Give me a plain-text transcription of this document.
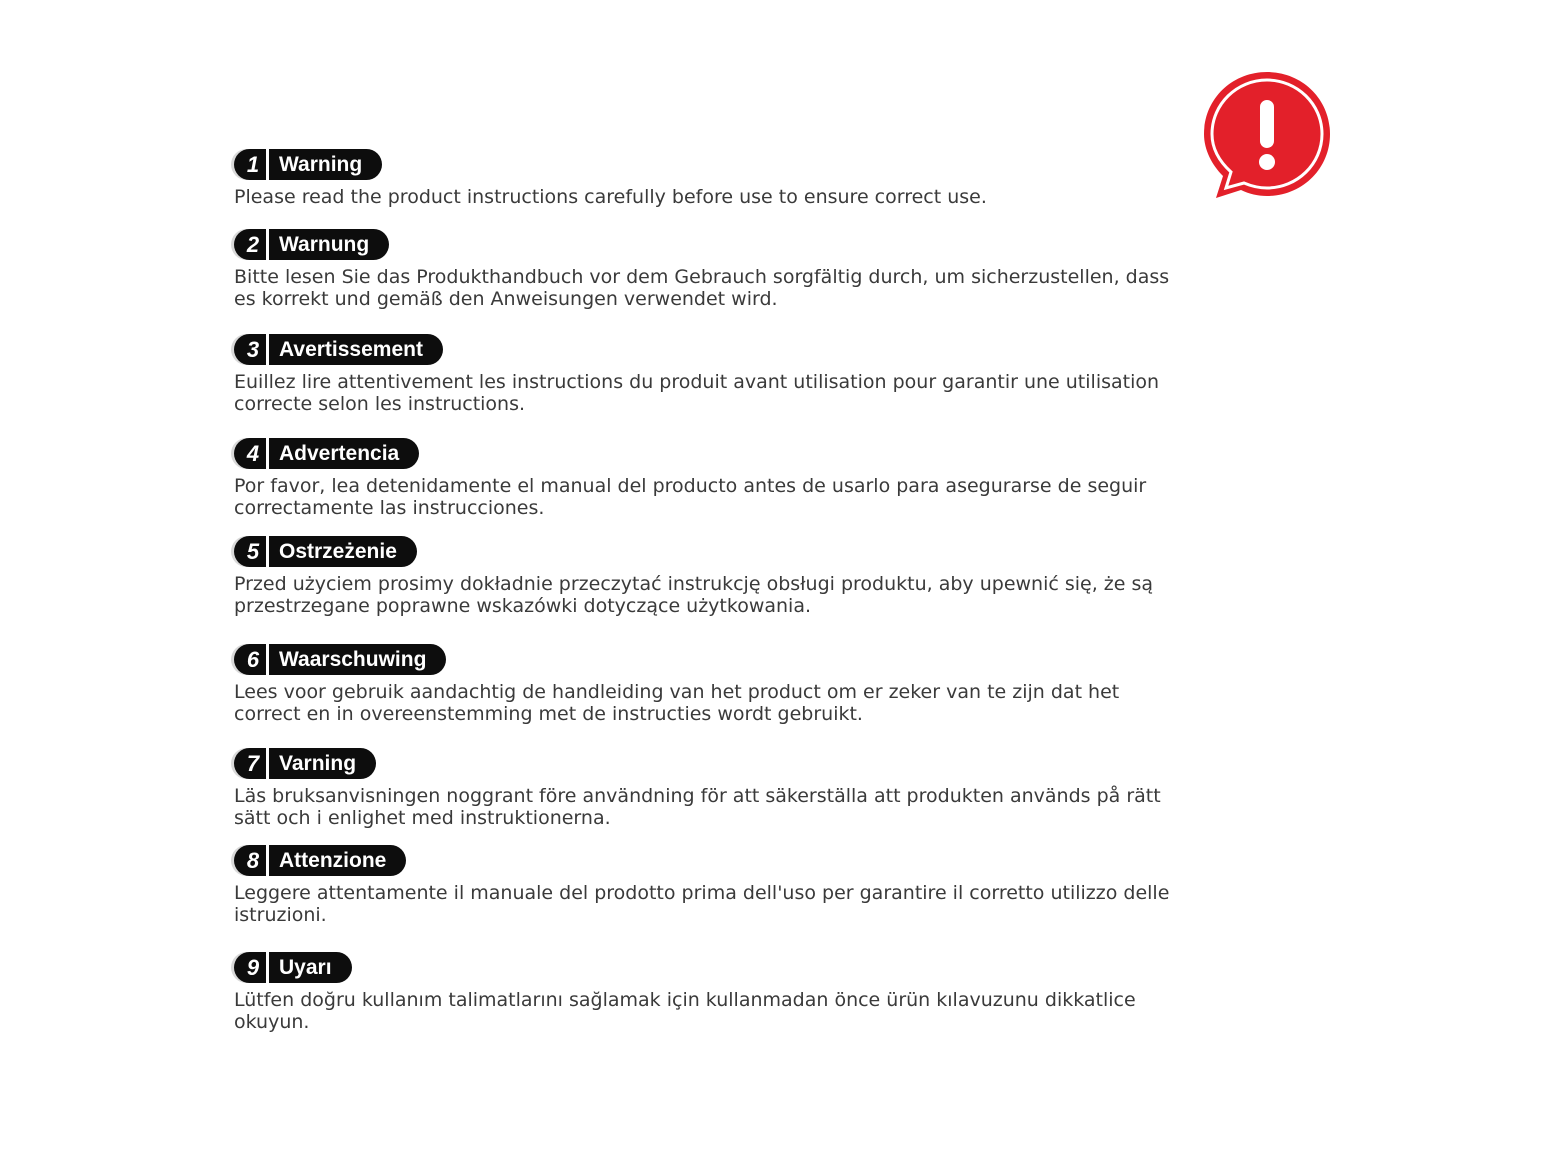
1 Warning

Please read the product instructions carefully before use to ensure correct use.

2 Warnung

Bitte lesen Sie das Produkthandbuch vor dem Gebrauch sorgfältig durch, um sicherzustellen, dass es korrekt und gemäß den Anweisungen verwendet wird.

3 Avertissement

Euillez lire attentivement les instructions du produit avant utilisation pour garantir une utilisation correcte selon les instructions.

4 Advertencia

Por favor, lea detenidamente el manual del producto antes de usarlo para asegurarse de seguir correctamente las instrucciones.

5 Ostrzeżenie

Przed użyciem prosimy dokładnie przeczytać instrukcję obsługi produktu, aby upewnić się, że są przestrzegane poprawne wskazówki dotyczące użytkowania.

6 Waarschuwing

Lees voor gebruik aandachtig de handleiding van het product om er zeker van te zijn dat het correct en in overeenstemming met de instructies wordt gebruikt.

7 Varning

Läs bruksanvisningen noggrant före användning för att säkerställa att produkten används på rätt sätt och i enlighet med instruktionerna.

8 Attenzione

Leggere attentamente il manuale del prodotto prima dell'uso per garantire il corretto utilizzo delle istruzioni.

9 Uyarı

Lütfen doğru kullanım talimatlarını sağlamak için kullanmadan önce ürün kılavuzunu dikkatlice okuyun.
